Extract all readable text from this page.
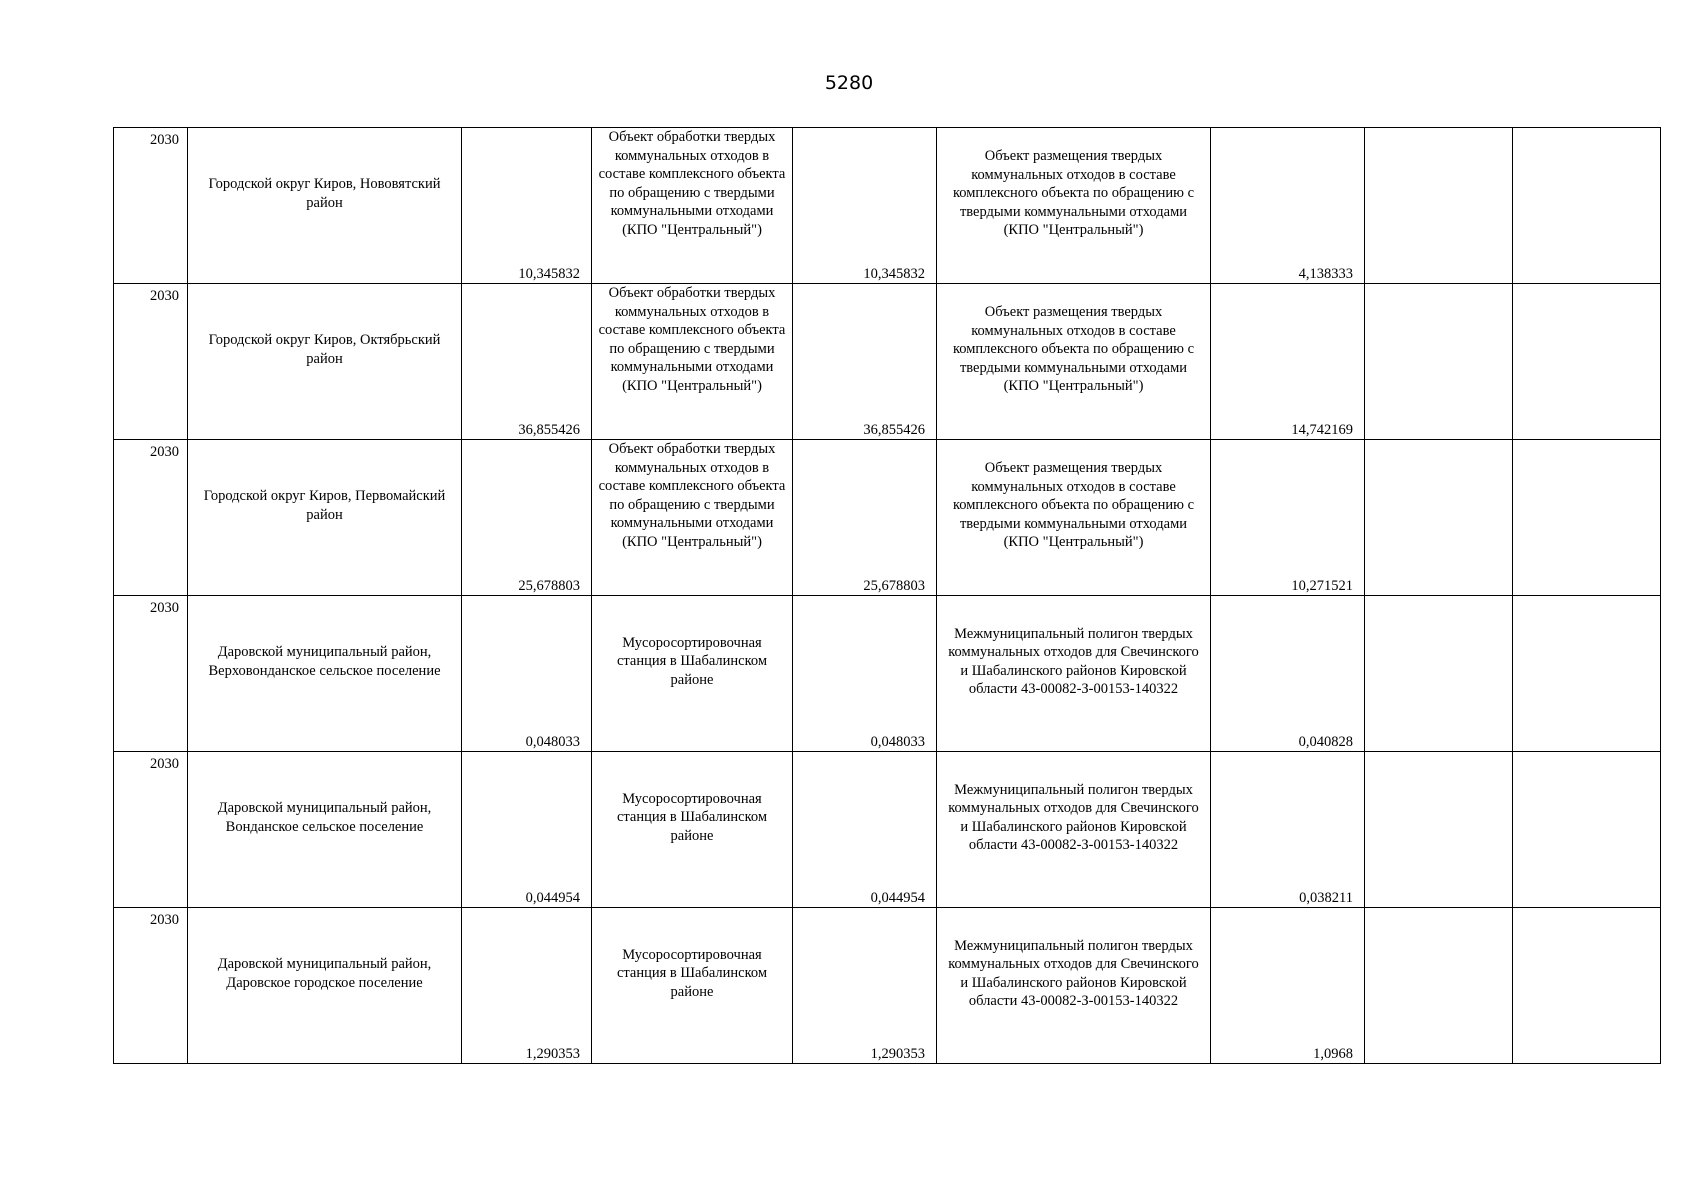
5280
2030	Городской округ Киров, Нововятский район	10,345832	Объект обработки твердых коммунальных отходов в составе комплексного объекта по обращению с твердыми коммунальными отходами (КПО "Центральный")	10,345832	Объект размещения твердых коммунальных отходов в составе комплексного объекта по обращению с твердыми коммунальными отходами (КПО "Центральный")	4,138333		

2030	Городской округ Киров, Октябрьский район	36,855426	Объект обработки твердых коммунальных отходов в составе комплексного объекта по обращению с твердыми коммунальными отходами (КПО "Центральный")	36,855426	Объект размещения твердых коммунальных отходов в составе комплексного объекта по обращению с твердыми коммунальными отходами (КПО "Центральный")	14,742169		

2030	Городской округ Киров, Первомайский район	25,678803	Объект обработки твердых коммунальных отходов в составе комплексного объекта по обращению с твердыми коммунальными отходами (КПО "Центральный")	25,678803	Объект размещения твердых коммунальных отходов в составе комплексного объекта по обращению с твердыми коммунальными отходами (КПО "Центральный")	10,271521		

2030	Даровской муниципальный район, Верховонданское сельское поселение	0,048033	Мусоросортировочная станция в Шабалинском районе	0,048033	Межмуниципальный полигон твердых коммунальных отходов для Свечинского и Шабалинского районов Кировской области 43-00082-З-00153-140322	0,040828		

2030	Даровской муниципальный район, Вонданское сельское поселение	0,044954	Мусоросортировочная станция в Шабалинском районе	0,044954	Межмуниципальный полигон твердых коммунальных отходов для Свечинского и Шабалинского районов Кировской области 43-00082-З-00153-140322	0,038211		

2030	Даровской муниципальный район, Даровское городское поселение	1,290353	Мусоросортировочная станция в Шабалинском районе	1,290353	Межмуниципальный полигон твердых коммунальных отходов для Свечинского и Шабалинского районов Кировской области 43-00082-З-00153-140322	1,0968		
